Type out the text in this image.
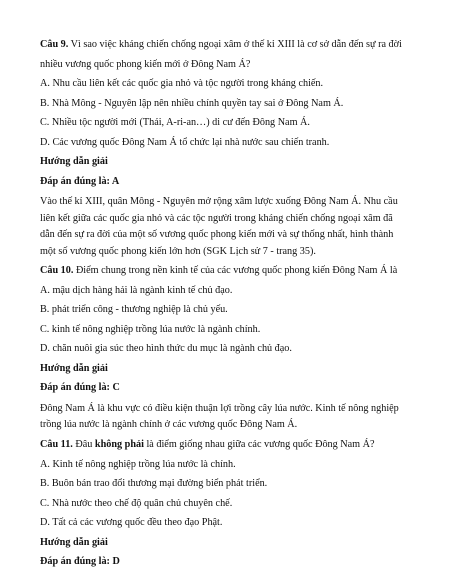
Câu 9. Vì sao việc kháng chiến chống ngoại xâm ở thế kỉ XIII là cơ sở dẫn đến sự ra đời
nhiều vương quốc phong kiến mới ở Đông Nam Á?
A. Nhu cầu liên kết các quốc gia nhỏ và tộc người trong kháng chiến.
B. Nhà Mông - Nguyên lập nên nhiều chính quyền tay sai ở Đông Nam Á.
C. Nhiều tộc người mới (Thái, A-ri-an…) di cư đến Đông Nam Á.
D. Các vương quốc Đông Nam Á tổ chức lại nhà nước sau chiến tranh.
Hướng dẫn giải
Đáp án đúng là: A
Vào thế kỉ XIII, quân Mông - Nguyên mở rộng xâm lược xuống Đông Nam Á. Nhu cầu
liên kết giữa các quốc gia nhỏ và các tộc người trong kháng chiến chống ngoại xâm đã
dẫn đến sự ra đời của một số vương quốc phong kiến mới và sự thống nhất, hình thành
một số vương quốc phong kiến lớn hơn (SGK Lịch sử 7 - trang 35).
Câu 10. Điểm chung trong nền kinh tế của các vương quốc phong kiến Đông Nam Á là
A. mậu dịch hàng hải là ngành kinh tế chủ đạo.
B. phát triển công - thương nghiệp là chủ yếu.
C. kinh tế nông nghiệp trồng lúa nước là ngành chính.
D. chăn nuôi gia súc theo hình thức du mục là ngành chủ đạo.
Hướng dẫn giải
Đáp án đúng là: C
Đông Nam Á là khu vực có điều kiện thuận lợi trồng cây lúa nước. Kinh tế nông nghiệp
trồng lúa nước là ngành chính ở các vương quốc Đông Nam Á.
Câu 11. Đâu không phải là điểm giống nhau giữa các vương quốc Đông Nam Á?
A. Kinh tế nông nghiệp trồng lúa nước là chính.
B. Buôn bán trao đổi thương mại đường biển phát triển.
C. Nhà nước theo chế độ quân chủ chuyên chế.
D. Tất cả các vương quốc đều theo đạo Phật.
Hướng dẫn giải
Đáp án đúng là: D
